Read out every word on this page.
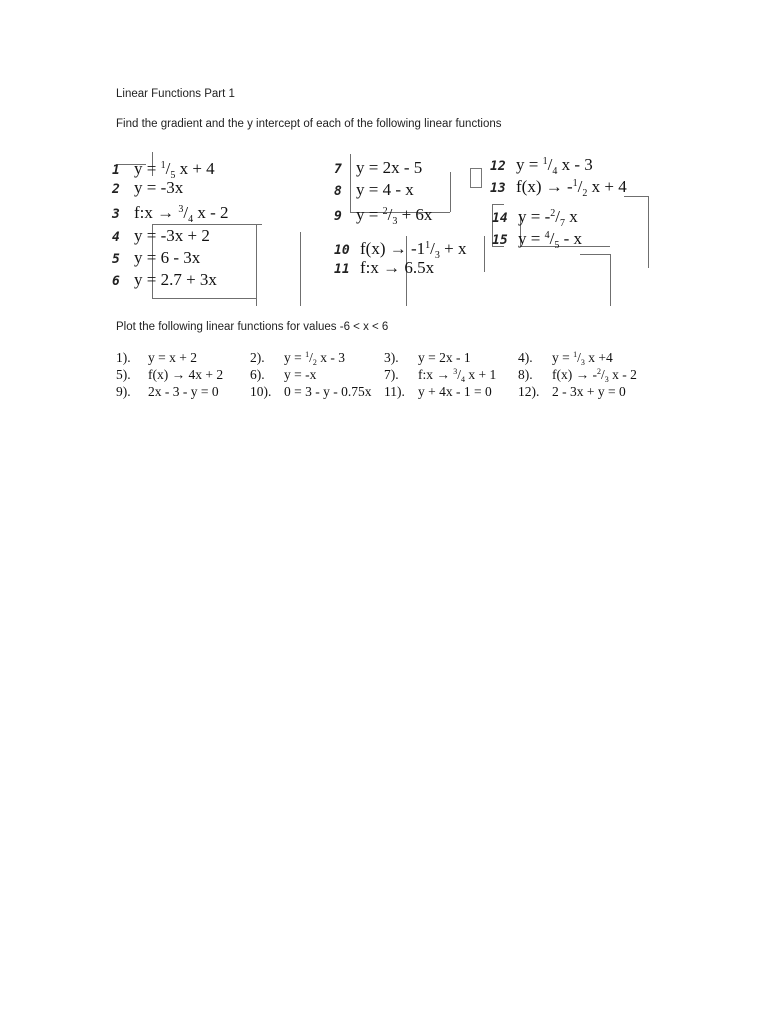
Linear Functions Part 1
Find the gradient and the y intercept of each of the following linear functions
1 $y = ^1/_5$ x + 4
2 y = -3x
3 f:x → $^3/_4$ x - 2
4 y = -3x + 2
5 y = 6 - 3x
6 y = 2.7 + 3x
7 y = 2x - 5
8 y = 4 - x
9 $y = ^2/_3 + 6x$
10 $f(x) \to -1^1/_3 + x$
11 f:x → 6.5x
12 $y = ^1/_4$ x - 3
13 $f(x) \to -^1/_2$ x + 4
14 $y = -^2/_7$ x
15 $y = ^4/_5 - x$
Plot the following linear functions for values -6 < x < 6
1). y = x + 2	2). $y = ^1/_2$ x - 3	3). y = 2x - 1	4). $y = ^1/_3$ x +4
5). f(x) → 4x + 2 6). y = -x	7). f:x → $^3/_4$ x + 1 8). $f(x) \to -^2/_3$ x - 2
9). 2x - 3 - y = 0 10). 0 = 3 - y - 0.75x 11). y + 4x - 1 = 0 12). 2 - 3x + y = 0
